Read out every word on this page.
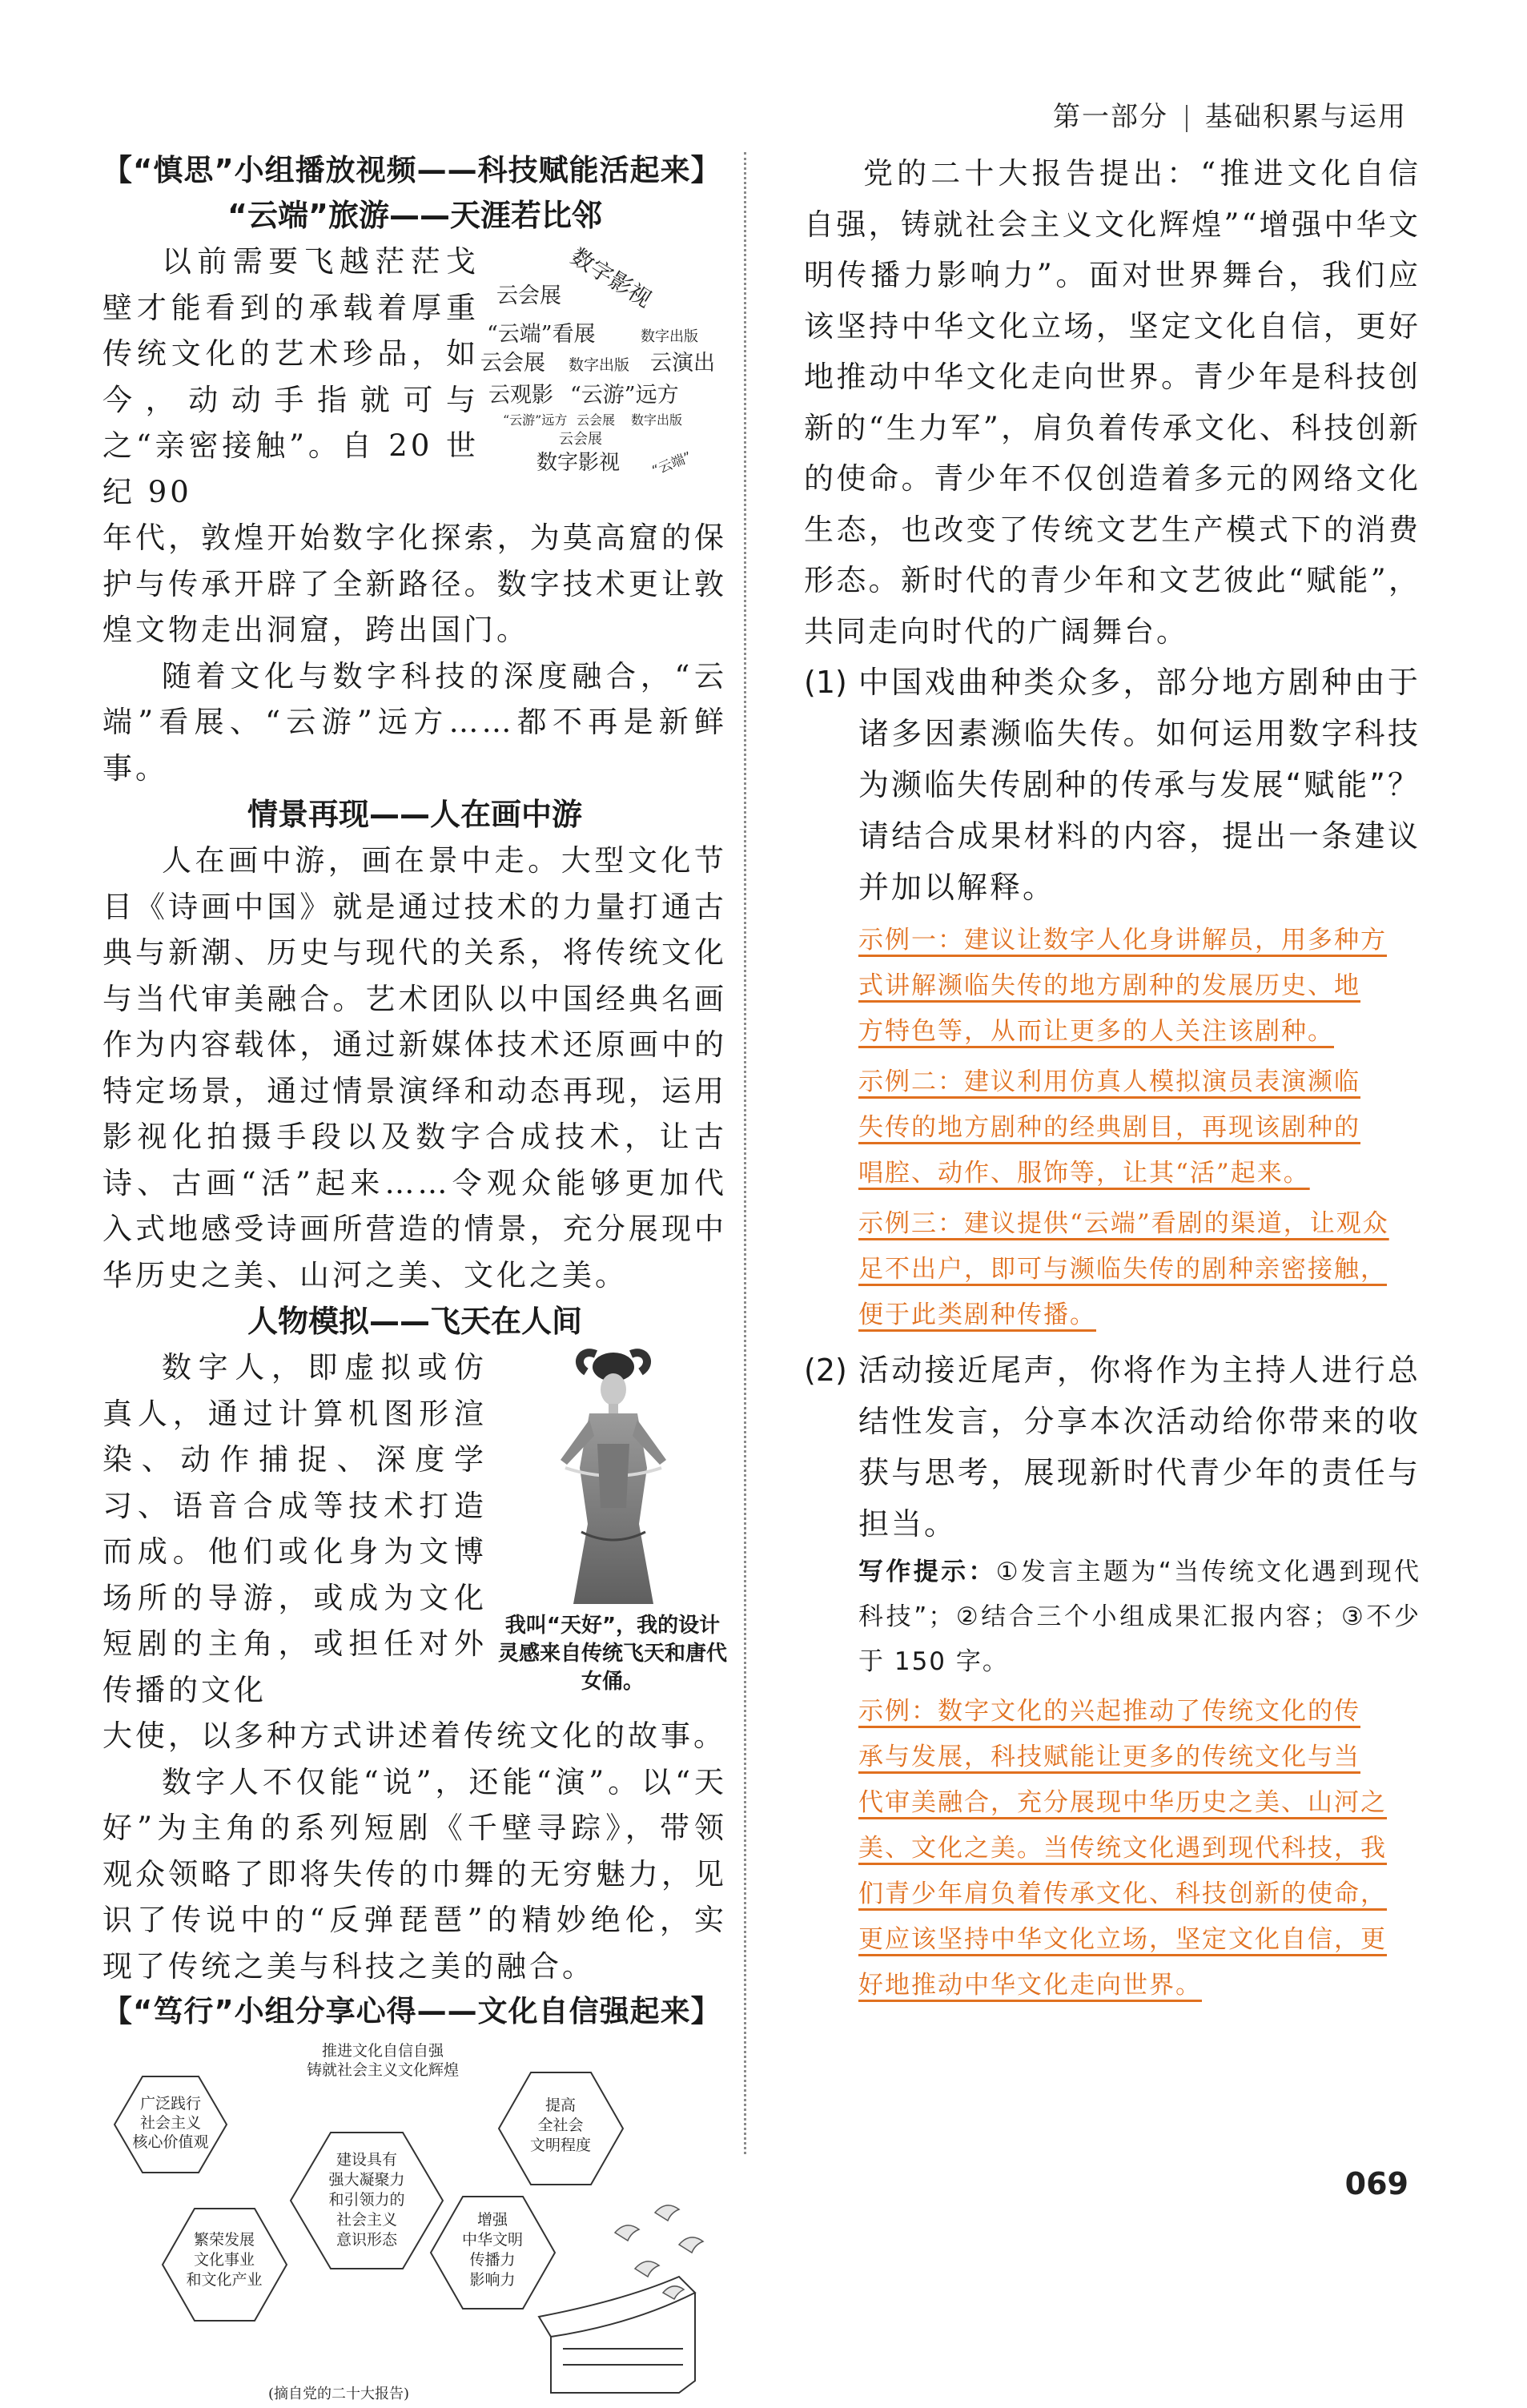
第一部分 基础积累与运用

【“慎思”小组播放视频——科技赋能活起来】

“云端”旅游——天涯若比邻

数字影视
云会展
“云端”看展	数字出版
云会展 数字出版 云演出
云观影 “云游”远方
“云游”远方 云会展 数字出版
云会展
数字影视 “云端”

以前需要飞越茫茫戈壁才能看到的承载着厚重传统文化的艺术珍品，如今，动动手指就可与之“亲密接触”。自 20 世纪 90

年代，敦煌开始数字化探索，为莫高窟的保护与传承开辟了全新路径。数字技术更让敦煌文物走出洞窟，跨出国门。

随着文化与数字科技的深度融合，“云端”看展、“云游”远方……都不再是新鲜事。

情景再现——人在画中游

人在画中游，画在景中走。大型文化节目《诗画中国》就是通过技术的力量打通古典与新潮、历史与现代的关系，将传统文化与当代审美融合。艺术团队以中国经典名画作为内容载体，通过新媒体技术还原画中的特定场景，通过情景演绎和动态再现，运用影视化拍摄手段以及数字合成技术，让古诗、古画“活”起来……令观众能够更加代入式地感受诗画所营造的情景，充分展现中华历史之美、山河之美、文化之美。

人物模拟——飞天在人间

我叫“天好”，我的设计灵感来自传统飞天和唐代女俑。

数字人，即虚拟或仿真人，通过计算机图形渲染、动作捕捉、深度学习、语音合成等技术打造而成。他们或化身为文博场所的导游，或成为文化短剧的主角，或担任对外传播的文化

大使，以多种方式讲述着传统文化的故事。

数字人不仅能“说”，还能“演”。以“天好”为主角的系列短剧《千壁寻踪》，带领观众领略了即将失传的巾舞的无穷魅力，见识了传说中的“反弹琵琶”的精妙绝伦，实现了传统之美与科技之美的融合。

【“笃行”小组分享心得——文化自信强起来】

推进文化自信自强
铸就社会主义文化辉煌
广泛践行
社会主义
核心价值观
繁荣发展
文化事业
和文化产业
建设具有
强大凝聚力
和引领力的
社会主义
意识形态
增强
中华文明
传播力
影响力
提高
全社会
文明程度
(摘自党的二十大报告)

党的二十大报告提出：“推进文化自信自强，铸就社会主义文化辉煌”“增强中华文明传播力影响力”。面对世界舞台，我们应该坚持中华文化立场，坚定文化自信，更好地推动中华文化走向世界。青少年是科技创新的“生力军”，肩负着传承文化、科技创新的使命。青少年不仅创造着多元的网络文化生态，也改变了传统文艺生产模式下的消费形态。新时代的青少年和文艺彼此“赋能”，共同走向时代的广阔舞台。

(1) 中国戏曲种类众多，部分地方剧种由于诸多因素濒临失传。如何运用数字科技为濒临失传剧种的传承与发展“赋能”？请结合成果材料的内容，提出一条建议并加以解释。
示例一：建议让数字人化身讲解员，用多种方
式讲解濒临失传的地方剧种的发展历史、地
方特色等，从而让更多的人关注该剧种。
示例二：建议利用仿真人模拟演员表演濒临
失传的地方剧种的经典剧目，再现该剧种的
唱腔、动作、服饰等，让其“活”起来。
示例三：建议提供“云端”看剧的渠道，让观众
足不出户，即可与濒临失传的剧种亲密接触，
便于此类剧种传播。
(2) 活动接近尾声，你将作为主持人进行总结性发言，分享本次活动给你带来的收获与思考，展现新时代青少年的责任与担当。
写作提示：①发言主题为“当传统文化遇到现代科技”；②结合三个小组成果汇报内容；③不少于 150 字。
示例：数字文化的兴起推动了传统文化的传
承与发展，科技赋能让更多的传统文化与当
代审美融合，充分展现中华历史之美、山河之
美、文化之美。当传统文化遇到现代科技，我
们青少年肩负着传承文化、科技创新的使命，
更应该坚持中华文化立场，坚定文化自信，更
好地推动中华文化走向世界。
069
